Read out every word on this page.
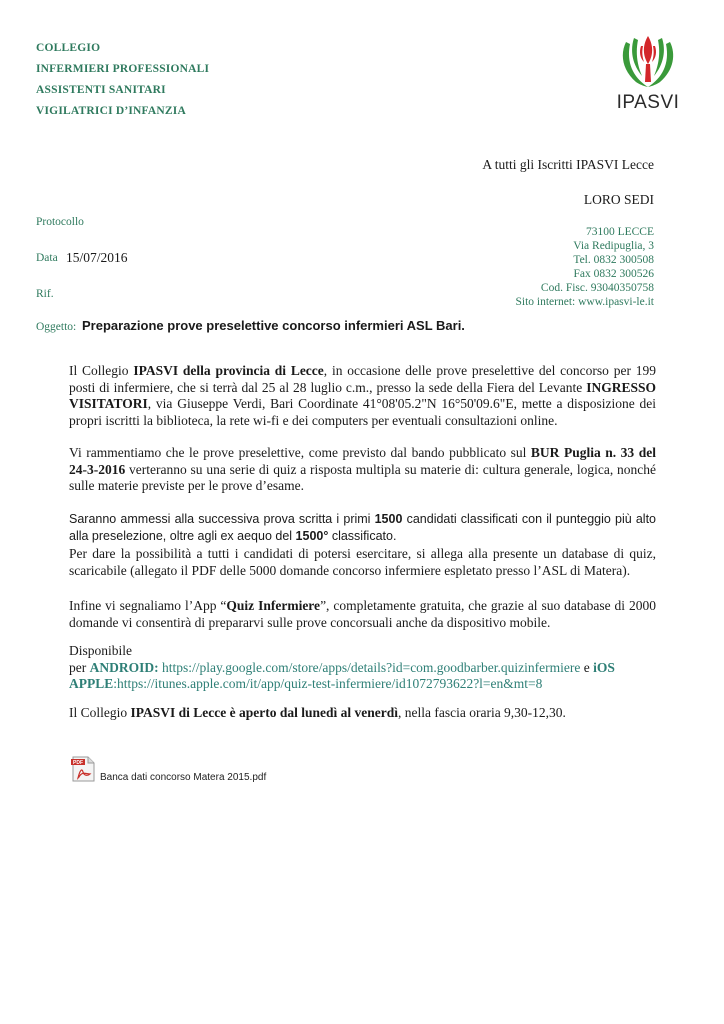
COLLEGIO
INFERMIERI PROFESSIONALI
ASSISTENTI SANITARI
VIGILATRICI D’INFANZIA	IPASVI
A tutti gli Iscritti IPASVI Lecce
LORO SEDI
Protocollo
Data 15/07/2016
Rif.
73100 LECCE
Via Redipuglia, 3
Tel. 0832 300508
Fax 0832 300526
Cod. Fisc. 93040350758
Sito internet: www.ipasvi-le.it
Oggetto: Preparazione prove preselettive concorso infermieri ASL Bari.
Il Collegio IPASVI della provincia di Lecce, in occasione delle prove preselettive del concorso per 199 posti di infermiere, che si terrà dal 25 al 28 luglio c.m., presso la sede della Fiera del Levante INGRESSO VISITATORI, via Giuseppe Verdi, Bari Coordinate 41°08'05.2"N 16°50'09.6"E, mette a disposizione dei propri iscritti la biblioteca, la rete wi-fi e dei computers per eventuali consultazioni online.
Vi rammentiamo che le prove preselettive, come previsto dal bando pubblicato sul BUR Puglia n. 33 del 24-3-2016 verteranno su una serie di quiz a risposta multipla su materie di: cultura generale, logica, nonché sulle materie previste per le prove d’esame.
Saranno ammessi alla successiva prova scritta i primi 1500 candidati classificati con il punteggio più alto alla preselezione, oltre agli ex aequo del 1500° classificato.
Per dare la possibilità a tutti i candidati di potersi esercitare, si allega alla presente un database di quiz, scaricabile (allegato il PDF delle 5000 domande concorso infermiere espletato presso l’ASL di Matera).
Infine vi segnaliamo l’App “Quiz Infermiere”, completamente gratuita, che grazie al suo database di 2000 domande vi consentirà di prepararvi sulle prove concorsuali anche da dispositivo mobile.
Disponibile
per ANDROID: https://play.google.com/store/apps/details?id=com.goodbarber.quizinfermiere e iOS APPLE:https://itunes.apple.com/it/app/quiz-test-infermiere/id1072793622?l=en&mt=8
Il Collegio IPASVI di Lecce è aperto dal lunedì al venerdì, nella fascia oraria 9,30-12,30.
PDF
Banca dati concorso Matera 2015.pdf
